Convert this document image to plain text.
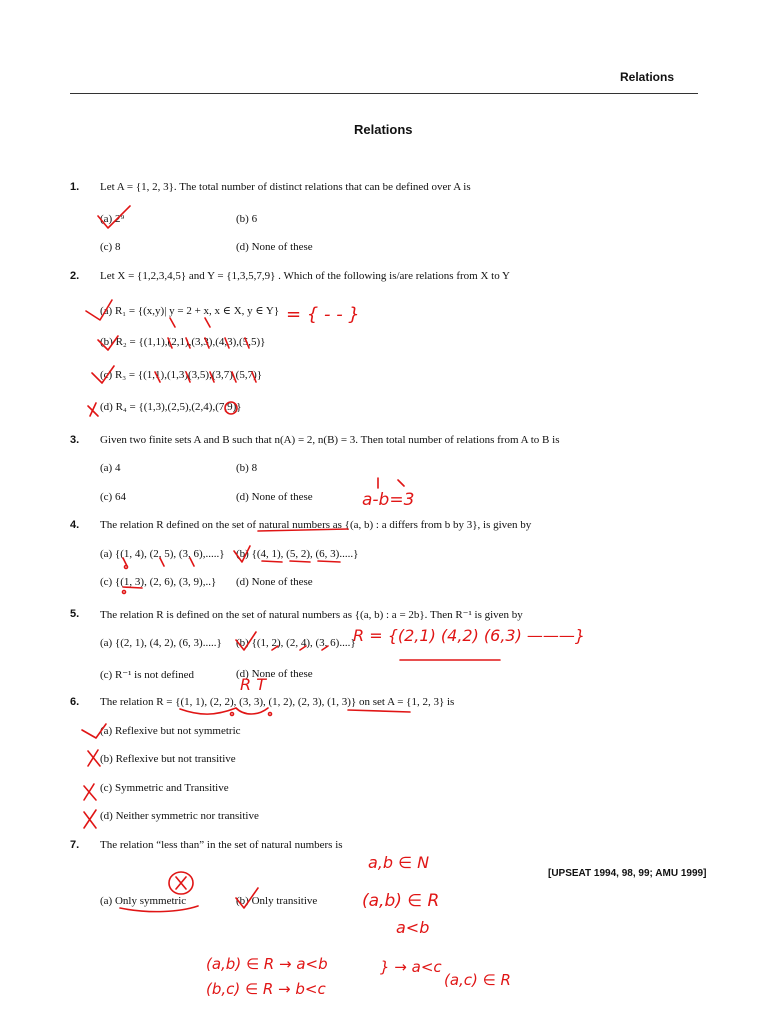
Relations
Relations
1. Let A = {1, 2, 3}. The total number of distinct relations that can be defined over A is
(a) 2⁹	(b) 6
(c) 8	(d) None of these
2. Let X = {1,2,3,4,5} and Y = {1,3,5,7,9} . Which of the following is/are relations from X to Y
(a) R₁ = {(x,y)| y = 2 + x, x ∈ X, y ∈ Y}
(b) R₂ = {(1,1),(2,1),(3,3),(4,3),(5,5)}
(c) R₃ = {(1,1),(1,3)(3,5),(3,7),(5,7)}
(d) R₄ = {(1,3),(2,5),(2,4),(7,9)}
3. Given two finite sets A and B such that n(A) = 2, n(B) = 3. Then total number of relations from A to B is
(a) 4	(b) 8
(c) 64	(d) None of these
4. The relation R defined on the set of natural numbers as {(a, b) : a differs from b by 3}, is given by
(a) {(1, 4), (2, 5), (3, 6),.....} (b) {(4, 1), (5, 2), (6, 3).....}
(c) {(1, 3), (2, 6), (3, 9),..} (d) None of these
5. The relation R is defined on the set of natural numbers as {(a, b) : a = 2b}. Then R⁻¹ is given by
(a) {(2, 1), (4, 2), (6, 3).....} (b) {(1, 2), (2, 4), (3, 6)....}
(c) R⁻¹ is not defined	(d) None of these
6. The relation R = {(1, 1), (2, 2), (3, 3), (1, 2), (2, 3), (1, 3)} on set A = {1, 2, 3} is
(a) Reflexive but not symmetric
(b) Reflexive but not transitive
(c) Symmetric and Transitive
(d) Neither symmetric nor transitive
7. The relation “less than” in the set of natural numbers is
[UPSEAT 1994, 98, 99; AMU 1999]
(a) Only symmetric	(b) Only transitive
= { - - }
a-b=3
R = {(2,1) (4,2) (6,3) ———}
R T
a,b ∈ N
(a,b) ∈ R
a<b
(a,b) ∈ R → a<b
(b,c) ∈ R → b<c
} → a<c
(a,c) ∈ R
